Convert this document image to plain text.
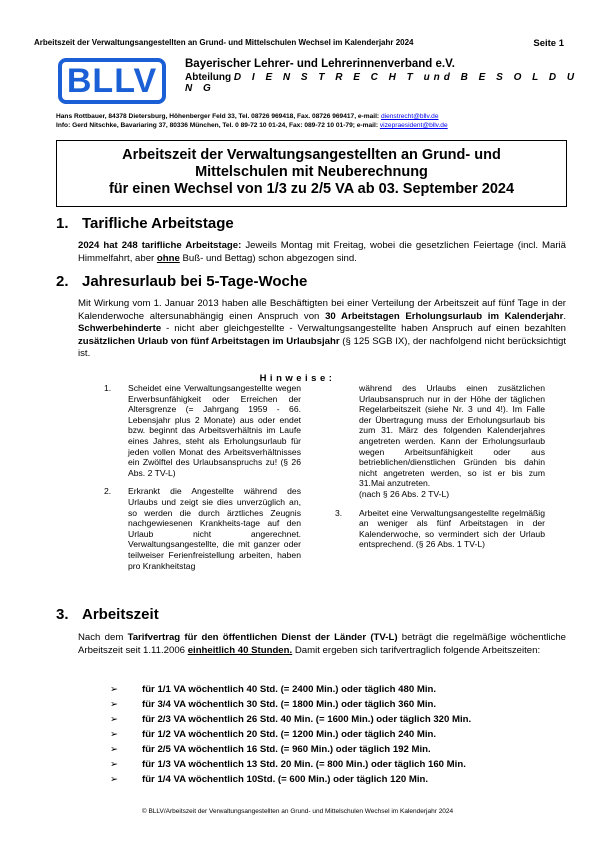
Arbeitszeit der Verwaltungsangestellten an Grund- und Mittelschulen Wechsel im Kalenderjahr 2024	Seite 1
BLLV	Bayerischer Lehrer- und Lehrerinnenverband e.V.
Abteilung D I E N S T R E C H T und B E S O L D U N G
Hans Rottbauer, 84378 Dietersburg, Höhenberger Feld 33, Tel. 08726 969418, Fax. 08726 969417, e-mail: dienstrecht@bllv.de
Info: Gerd Nitschke, Bavariaring 37, 80336 München, Tel. 0 89-72 10 01-24, Fax: 089-72 10 01-79; e-mail: vizepraesident@bllv.de
Arbeitszeit der Verwaltungsangestellten an Grund- und
Mittelschulen mit Neuberechnung
für einen Wechsel von 1/3 zu 2/5 VA ab 03. September 2024
1. Tarifliche Arbeitstage
2024 hat 248 tarifliche Arbeitstage: Jeweils Montag mit Freitag, wobei die gesetzlichen Feiertage (incl. Mariä Himmelfahrt, aber ohne Buß- und Bettag) schon abgezogen sind.
2. Jahresurlaub bei 5-Tage-Woche
Mit Wirkung vom 1. Januar 2013 haben alle Beschäftigten bei einer Verteilung der Arbeitszeit auf fünf Tage in der Kalenderwoche altersunabhängig einen Anspruch von 30 Arbeitstagen Erholungsurlaub im Kalenderjahr. Schwerbehinderte - nicht aber gleichgestellte - Verwaltungsangestellte haben Anspruch auf einen bezahlten zusätzlichen Urlaub von fünf Arbeitstagen im Urlaubsjahr (§ 125 SGB IX), der nachfolgend nicht berücksichtigt ist.
Hinweise:
1. Scheidet eine Verwaltungsangestellte wegen Erwerbsunfähigkeit oder Erreichen der Altersgrenze (= Jahrgang 1959 - 66. Lebensjahr plus 2 Monate) aus oder endet bzw. beginnt das Arbeitsverhältnis im Laufe eines Jahres, steht als Erholungsurlaub für jeden vollen Monat des Arbeitsverhältnisses ein Zwölftel des Urlaubsanspruchs zu! (§ 26 Abs. 2 TV-L)
2. Erkrankt die Angestellte während des Urlaubs und zeigt sie dies unverzüglich an, so werden die durch ärztliches Zeugnis nachgewiesenen Krankheits-tage auf den Urlaub nicht angerechnet. Verwaltungsangestellte, die mit ganzer oder teilweiser Ferienfreistellung arbeiten, haben pro Krankheitstag
während des Urlaubs einen zusätzlichen Urlaubsanspruch nur in der Höhe der täglichen Regelarbeitszeit (siehe Nr. 3 und 4!). Im Falle der Übertragung muss der Erholungsurlaub bis zum 31. März des folgenden Kalenderjahres angetreten werden. Kann der Erholungsurlaub wegen Arbeitsunfähigkeit oder aus betrieblichen/dienstlichen Gründen bis dahin nicht angetreten werden, so ist er bis zum 31.Mai anzutreten.
(nach § 26 Abs. 2 TV-L)
3. Arbeitet eine Verwaltungsangestellte regelmäßig an weniger als fünf Arbeitstagen in der Kalenderwoche, so vermindert sich der Urlaub entsprechend. (§ 26 Abs. 1 TV-L)
3. Arbeitszeit
Nach dem Tarifvertrag für den öffentlichen Dienst der Länder (TV-L) beträgt die regelmäßige wöchentliche Arbeitszeit seit 1.11.2006 einheitlich 40 Stunden. Damit ergeben sich tarifvertraglich folgende Arbeitszeiten:
➢ für 1/1 VA wöchentlich 40 Std. (= 2400 Min.) oder täglich 480 Min.
➢ für 3/4 VA wöchentlich 30 Std. (= 1800 Min.) oder täglich 360 Min.
➢ für 2/3 VA wöchentlich 26 Std. 40 Min. (= 1600 Min.) oder täglich 320 Min.
➢ für 1/2 VA wöchentlich 20 Std. (= 1200 Min.) oder täglich 240 Min.
➢ für 2/5 VA wöchentlich 16 Std. (= 960 Min.) oder täglich 192 Min.
➢ für 1/3 VA wöchentlich 13 Std. 20 Min. (= 800 Min.) oder täglich 160 Min.
➢ für 1/4 VA wöchentlich 10Std. (= 600 Min.) oder täglich 120 Min.
© BLLV/Arbeitszeit der Verwaltungsangestellten an Grund- und Mittelschulen Wechsel im Kalenderjahr 2024
